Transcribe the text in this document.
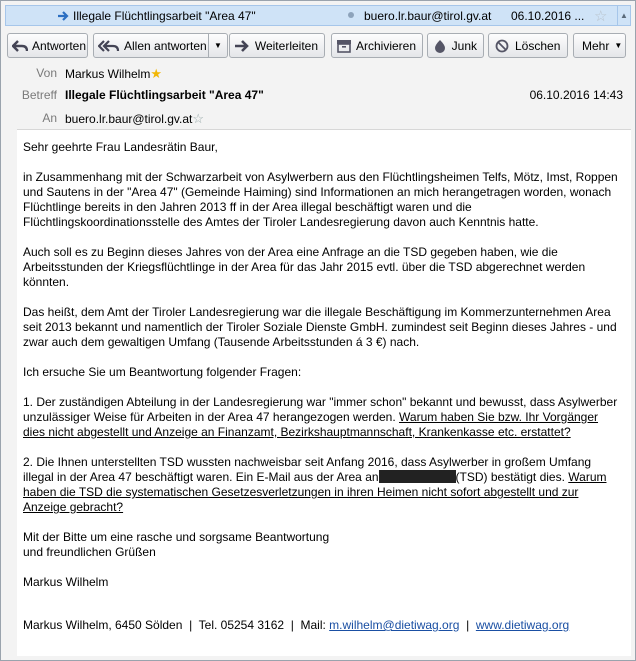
Illegale Flüchtlingsarbeit "Area 47"	buero.lr.baur@tirol.gv.at 06.10.2016 ... ☆	▲
Antworten	Allen antworten ▼	Weiterleiten	Archivieren	Junk	Löschen Mehr ▼
Von Markus Wilhelm★
Betreff Illegale Flüchtlingsarbeit "Area 47"	06.10.2016 14:43
An buero.lr.baur@tirol.gv.at☆

Sehr geehrte Frau Landesrätin Baur,

in Zusammenhang mit der Schwarzarbeit von Asylwerbern aus den Flüchtlingsheimen Telfs, Mötz, Imst, Roppen und Sautens in der "Area 47" (Gemeinde Haiming) sind Informationen an mich herangetragen worden, wonach Flüchtlinge bereits in den Jahren 2013 ff in der Area illegal beschäftigt waren und die Flüchtlingskoordinationsstelle des Amtes der Tiroler Landesregierung davon auch Kenntnis hatte.

Auch soll es zu Beginn dieses Jahres von der Area eine Anfrage an die TSD gegeben haben, wie die Arbeitsstunden der Kriegsflüchtlinge in der Area für das Jahr 2015 evtl. über die TSD abgerechnet werden könnten.

Das heißt, dem Amt der Tiroler Landesregierung war die illegale Beschäftigung im Kommerzunternehmen Area seit 2013 bekannt und namentlich der Tiroler Soziale Dienste GmbH. zumindest seit Beginn dieses Jahres - und zwar auch dem gewaltigen Umfang (Tausende Arbeitsstunden á 3 €) nach.

Ich ersuche Sie um Beantwortung folgender Fragen:

1. Der zuständigen Abteilung in der Landesregierung war "immer schon" bekannt und bewusst, dass Asylwerber unzulässiger Weise für Arbeiten in der Area 47 herangezogen werden. Warum haben Sie bzw. Ihr Vorgänger dies nicht abgestellt und Anzeige an Finanzamt, Bezirkshauptmannschaft, Krankenkasse etc. erstattet?

2. Die Ihnen unterstellten TSD wussten nachweisbar seit Anfang 2016, dass Asylwerber in großem Umfang illegal in der Area 47 beschäftigt waren. Ein E-Mail aus der Area an	(TSD) bestätigt dies. Warum haben die TSD die systematischen Gesetzesverletzungen in ihren Heimen nicht sofort abgestellt und zur Anzeige gebracht?

Mit der Bitte um eine rasche und sorgsame Beantwortung
und freundlichen Grüßen

Markus Wilhelm

Markus Wilhelm, 6450 Sölden  |  Tel. 05254 3162  |  Mail: m.wilhelm@dietiwag.org  |  www.dietiwag.org
